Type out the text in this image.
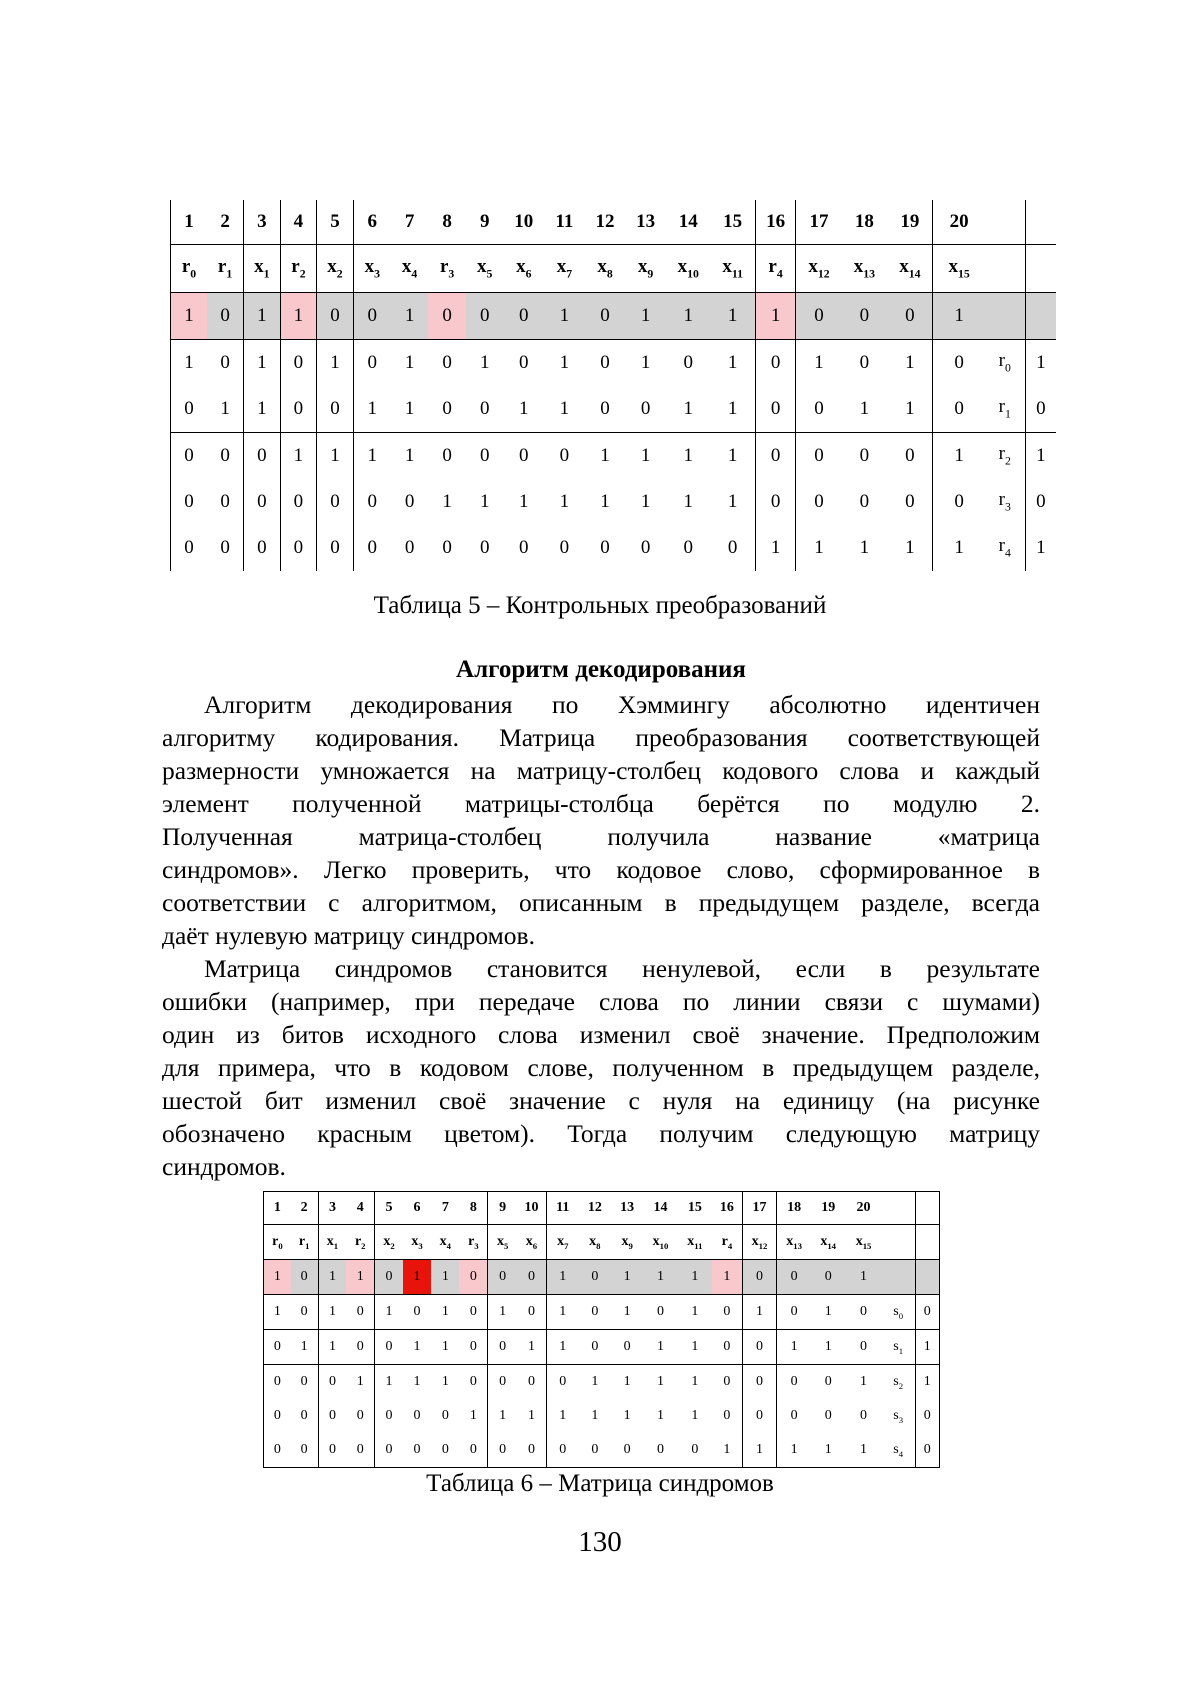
1	2	3	4	5	6	7	8	9	10	11	12	13	14	15	16	17	18	19	20		
$r_0$	$r_1$	$x_1$	$r_2$	$x_2$	$x_3$	$x_4$	$r_3$	$x_5$	$x_6$	$x_7$	$x_8$	$x_9$	$x_{10}$	$x_{11}$	$r_4$	$x_{12}$	$x_{13}$	$x_{14}$	$x_{15}$		
1	0	1	1	0	0	1	0	0	0	1	0	1	1	1	1	0	0	0	1		
1	0	1	0	1	0	1	0	1	0	1	0	1	0	1	0	1	0	1	0	$r_0$	1
0	1	1	0	0	1	1	0	0	1	1	0	0	1	1	0	0	1	1	0	$r_1$	0
0	0	0	1	1	1	1	0	0	0	0	1	1	1	1	0	0	0	0	1	$r_2$	1
0	0	0	0	0	0	0	1	1	1	1	1	1	1	1	0	0	0	0	0	$r_3$	0
0	0	0	0	0	0	0	0	0	0	0	0	0	0	0	1	1	1	1	1	$r_4$	1
Таблица 5 – Контрольных преобразований
Алгоритм декодирования
Алгоритм декодирования по Хэммингу абсолютно идентичен
алгоритму кодирования. Матрица преобразования соответствующей
размерности умножается на матрицу-столбец кодового слова и каждый
элемент полученной матрицы-столбца берётся по модулю 2.
Полученная матрица-столбец получила название «матрица
синдромов». Легко проверить, что кодовое слово, сформированное в
соответствии с алгоритмом, описанным в предыдущем разделе, всегда
даёт нулевую матрицу синдромов.
Матрица синдромов становится ненулевой, если в результате
ошибки (например, при передаче слова по линии связи с шумами)
один из битов исходного слова изменил своё значение. Предположим
для примера, что в кодовом слове, полученном в предыдущем разделе,
шестой бит изменил своё значение с нуля на единицу (на рисунке
обозначено красным цветом). Тогда получим следующую матрицу
синдромов.
1	2	3	4	5	6	7	8	9	10	11	12	13	14	15	16	17	18	19	20		
$r_0$	$r_1$	$x_1$	$r_2$	$x_2$	$x_3$	$x_4$	$r_3$	$x_5$	$x_6$	$x_7$	$x_8$	$x_9$	$x_{10}$	$x_{11}$	$r_4$	$x_{12}$	$x_{13}$	$x_{14}$	$x_{15}$		
1	0	1	1	0	1	1	0	0	0	1	0	1	1	1	1	0	0	0	1		
1	0	1	0	1	0	1	0	1	0	1	0	1	0	1	0	1	0	1	0	$s_0$	0
0	1	1	0	0	1	1	0	0	1	1	0	0	1	1	0	0	1	1	0	$s_1$	1
0	0	0	1	1	1	1	0	0	0	0	1	1	1	1	0	0	0	0	1	$s_2$	1
0	0	0	0	0	0	0	1	1	1	1	1	1	1	1	0	0	0	0	0	$s_3$	0
0	0	0	0	0	0	0	0	0	0	0	0	0	0	0	1	1	1	1	1	$s_4$	0
Таблица 6 – Матрица синдромов
130
